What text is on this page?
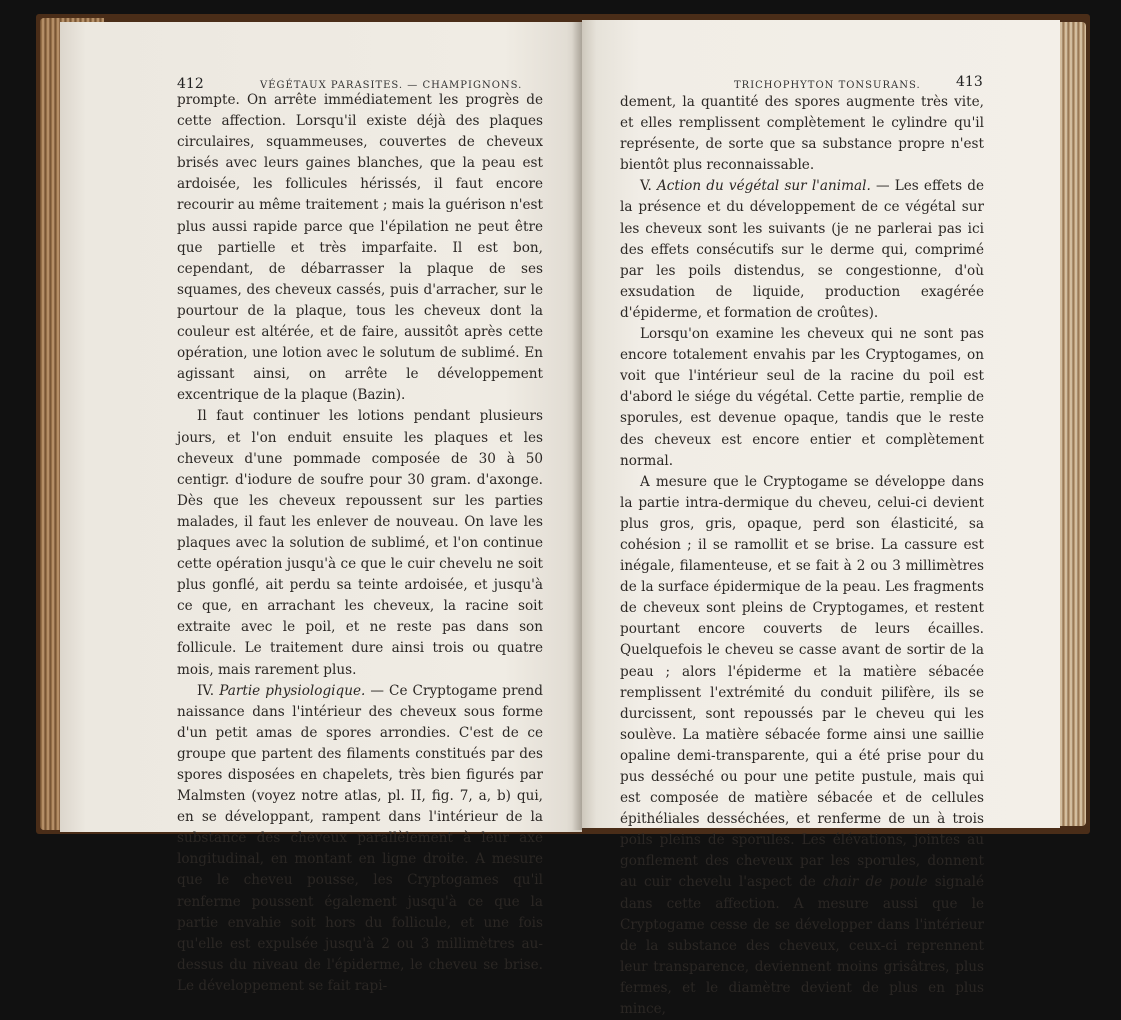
412	VÉGÉTAUX PARASITES. — CHAMPIGNONS.

prompte. On arrête immédiatement les progrès de cette affection. Lorsqu'il existe déjà des plaques circulaires, squammeuses, couvertes de cheveux brisés avec leurs gaines blanches, que la peau est ardoisée, les follicules hérissés, il faut encore recourir au même traitement ; mais la guérison n'est plus aussi rapide parce que l'épilation ne peut être que partielle et très imparfaite. Il est bon, cependant, de débarrasser la plaque de ses squames, des cheveux cassés, puis d'arracher, sur le pourtour de la plaque, tous les cheveux dont la couleur est altérée, et de faire, aussitôt après cette opération, une lotion avec le solutum de sublimé. En agissant ainsi, on arrête le développement excentrique de la plaque (Bazin).

Il faut continuer les lotions pendant plusieurs jours, et l'on enduit ensuite les plaques et les cheveux d'une pommade composée de 30 à 50 centigr. d'iodure de soufre pour 30 gram. d'axonge. Dès que les cheveux repoussent sur les parties malades, il faut les enlever de nouveau. On lave les plaques avec la solution de sublimé, et l'on continue cette opération jusqu'à ce que le cuir chevelu ne soit plus gonflé, ait perdu sa teinte ardoisée, et jusqu'à ce que, en arrachant les cheveux, la racine soit extraite avec le poil, et ne reste pas dans son follicule. Le traitement dure ainsi trois ou quatre mois, mais rarement plus.

IV. Partie physiologique. — Ce Cryptogame prend naissance dans l'intérieur des cheveux sous forme d'un petit amas de spores arrondies. C'est de ce groupe que partent des filaments constitués par des spores disposées en chapelets, très bien figurés par Malmsten (voyez notre atlas, pl. II, fig. 7, a, b) qui, en se développant, rampent dans l'intérieur de la substance des cheveux parallèlement à leur axe longitudinal, en montant en ligne droite. A mesure que le cheveu pousse, les Cryptogames qu'il renferme poussent également jusqu'à ce que la partie envahie soit hors du follicule, et une fois qu'elle est expulsée jusqu'à 2 ou 3 millimètres au-dessus du niveau de l'épiderme, le cheveu se brise. Le développement se fait rapi-

TRICHOPHYTON TONSURANS.	413

dement, la quantité des spores augmente très vite, et elles remplissent complètement le cylindre qu'il représente, de sorte que sa substance propre n'est bientôt plus reconnaissable.

V. Action du végétal sur l'animal. — Les effets de la présence et du développement de ce végétal sur les cheveux sont les suivants (je ne parlerai pas ici des effets consécutifs sur le derme qui, comprimé par les poils distendus, se congestionne, d'où exsudation de liquide, production exagérée d'épiderme, et formation de croûtes).

Lorsqu'on examine les cheveux qui ne sont pas encore totalement envahis par les Cryptogames, on voit que l'intérieur seul de la racine du poil est d'abord le siége du végétal. Cette partie, remplie de sporules, est devenue opaque, tandis que le reste des cheveux est encore entier et complètement normal.

A mesure que le Cryptogame se développe dans la partie intra-dermique du cheveu, celui-ci devient plus gros, gris, opaque, perd son élasticité, sa cohésion ; il se ramollit et se brise. La cassure est inégale, filamenteuse, et se fait à 2 ou 3 millimètres de la surface épidermique de la peau. Les fragments de cheveux sont pleins de Cryptogames, et restent pourtant encore couverts de leurs écailles. Quelquefois le cheveu se casse avant de sortir de la peau ; alors l'épiderme et la matière sébacée remplissent l'extrémité du conduit pilifère, ils se durcissent, sont repoussés par le cheveu qui les soulève. La matière sébacée forme ainsi une saillie opaline demi-transparente, qui a été prise pour du pus desséché ou pour une petite pustule, mais qui est composée de matière sébacée et de cellules épithéliales desséchées, et renferme de un à trois poils pleins de sporules. Les élévations, jointes au gonflement des cheveux par les sporules, donnent au cuir chevelu l'aspect de chair de poule signalé dans cette affection. A mesure aussi que le Cryptogame cesse de se développer dans l'intérieur de la substance des cheveux, ceux-ci reprennent leur transparence, deviennent moins grisâtres, plus fermes, et le diamètre devient de plus en plus mince,
